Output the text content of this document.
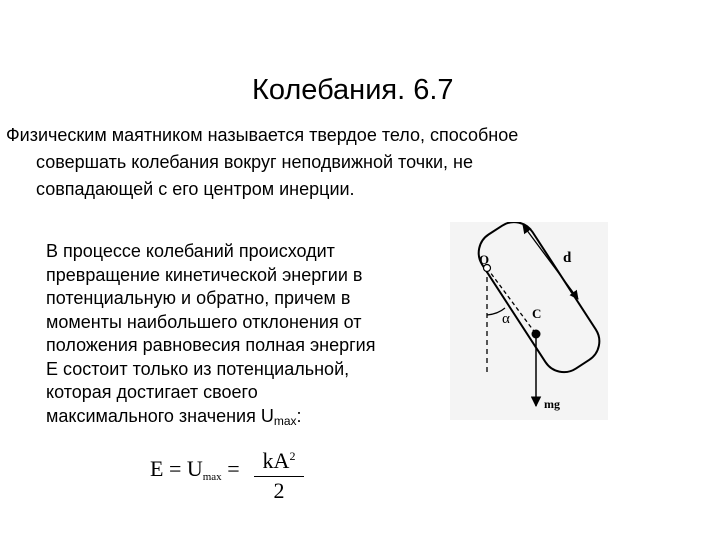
Колебания. 6.7
Физическим маятником называется твердое тело, способное
совершать колебания вокруг неподвижной точки, не
совпадающей с его центром инерции.
В процессе колебаний происходит
превращение кинетической энергии в
потенциальную и обратно, причем в
моменты наибольшего отклонения от
положения равновесия полная энергия
Е состоит только из потенциальной,
которая достигает своего
максимального значения $U_{max}$:
$E = U_{max}$ =	$kA^2$
2
O
C
d
α
mg
